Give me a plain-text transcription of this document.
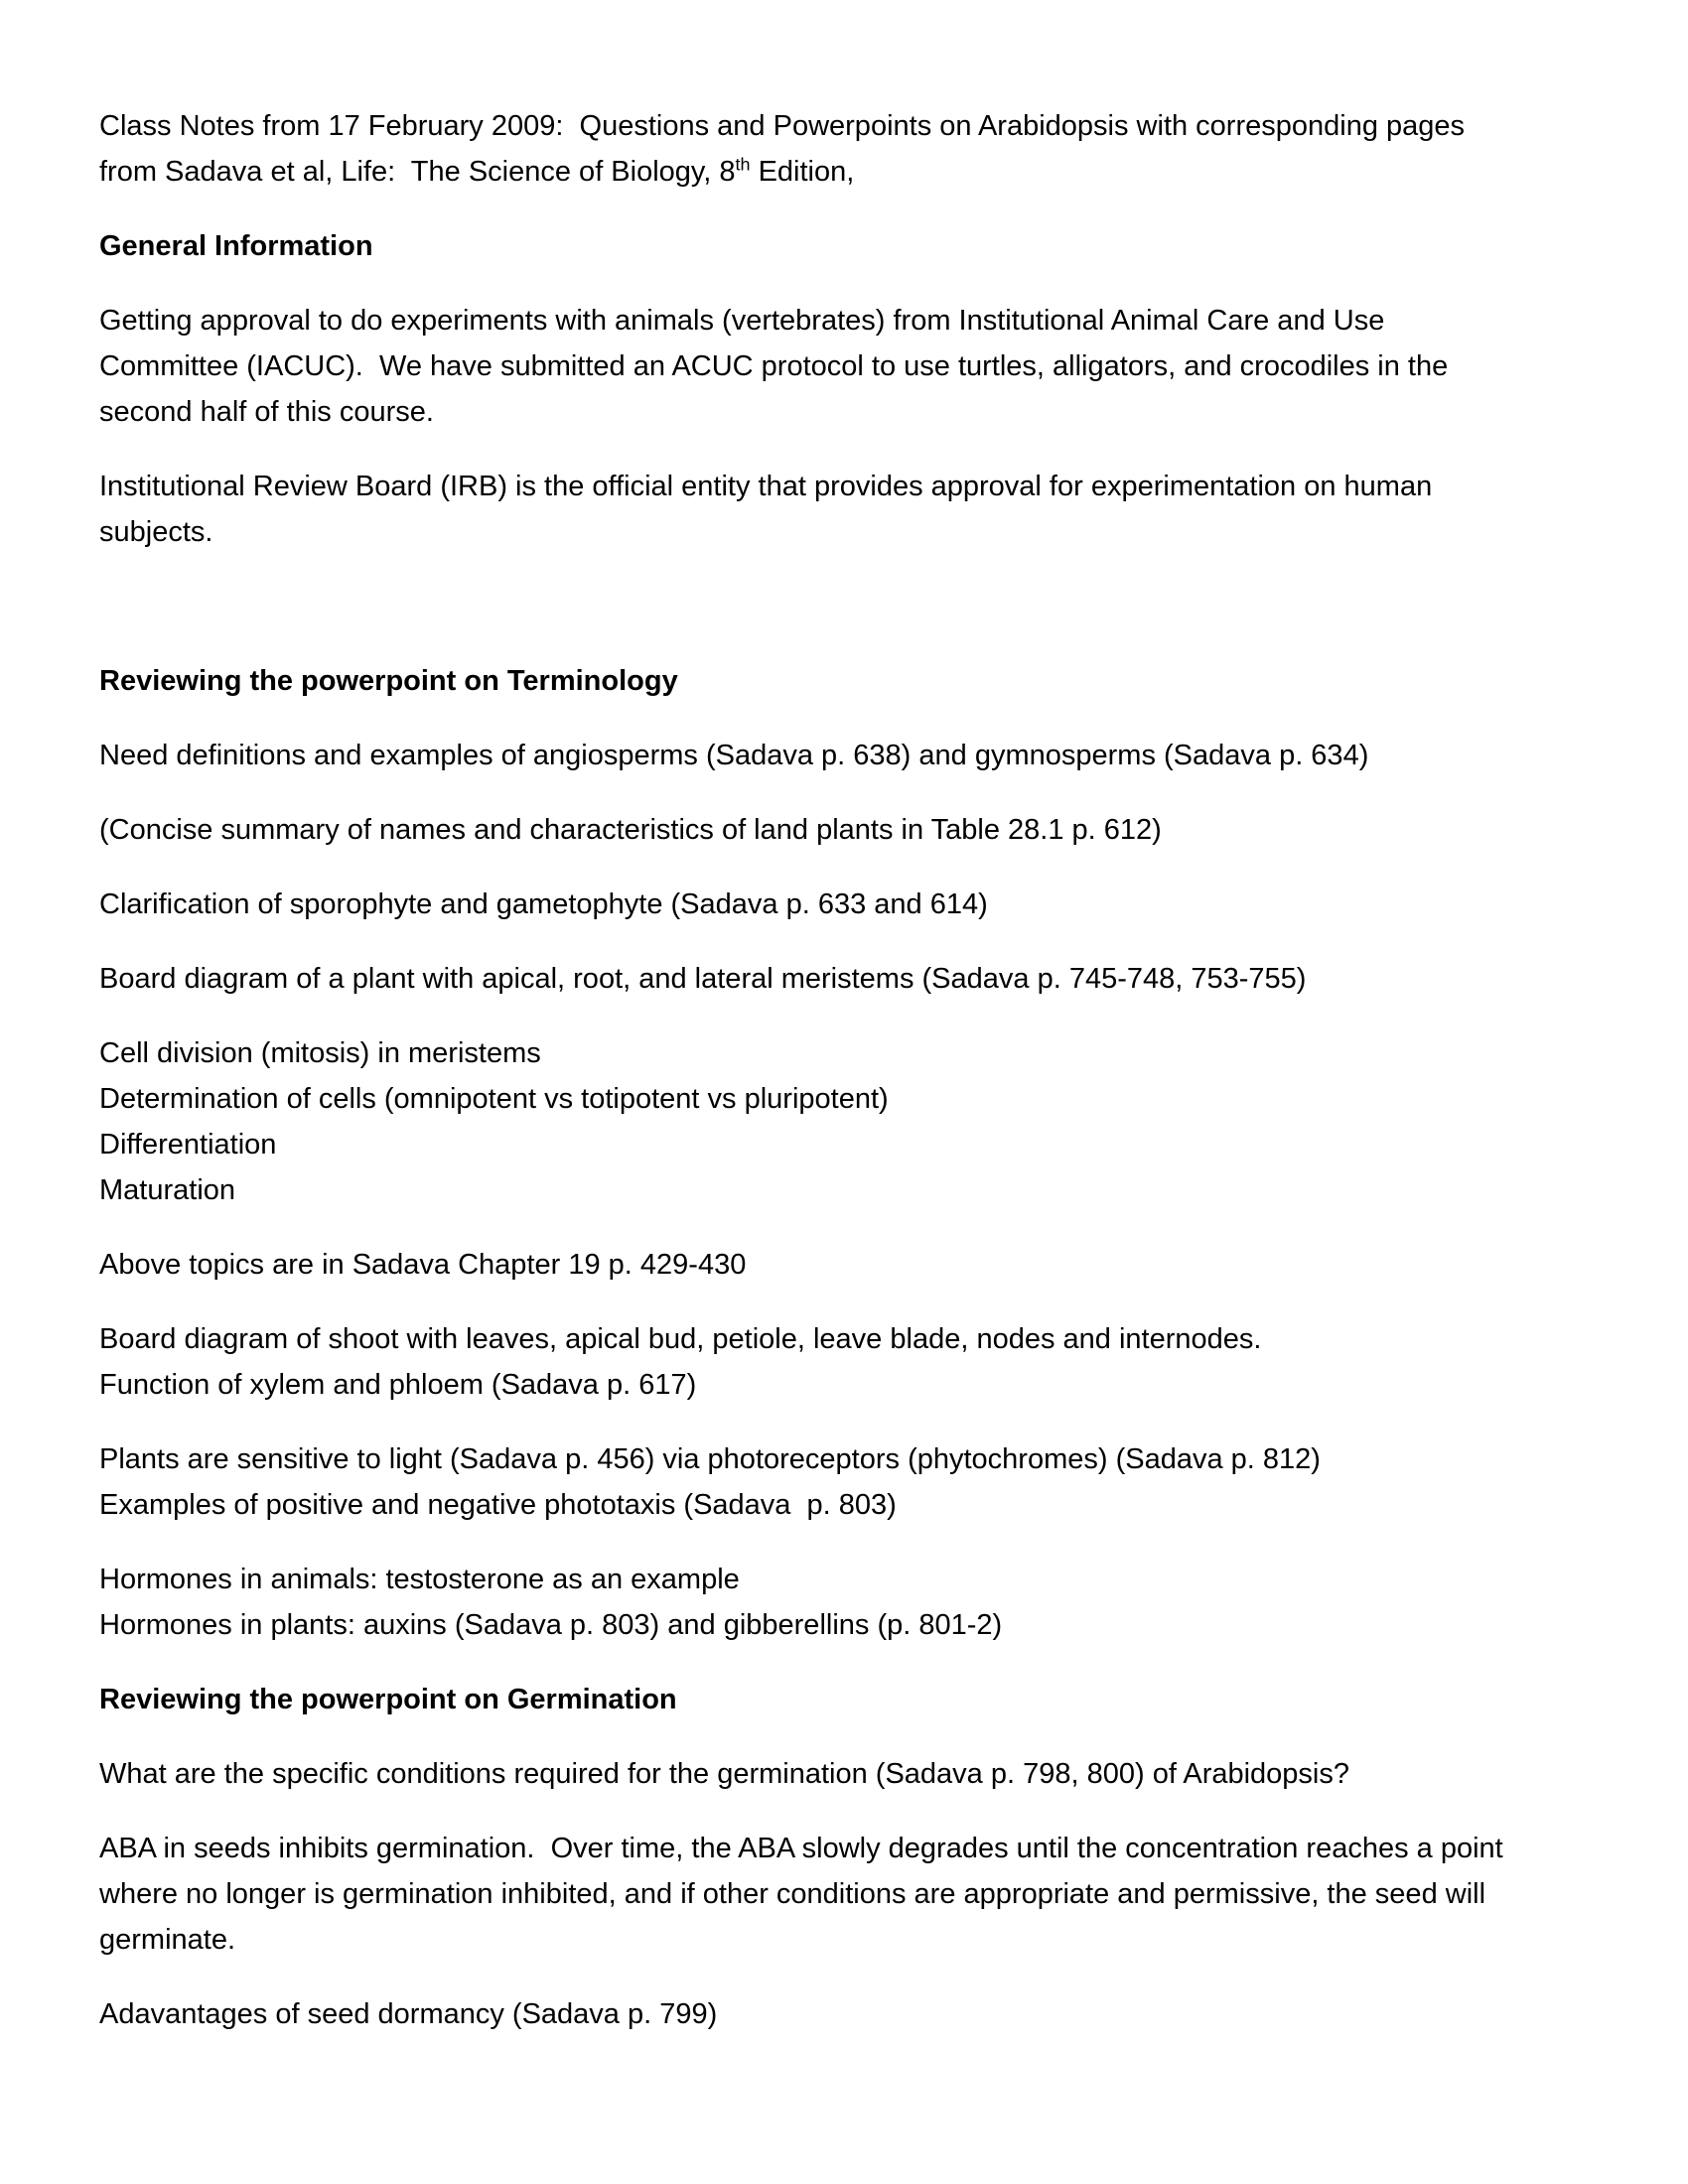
Class Notes from 17 February 2009:  Questions and Powerpoints on Arabidopsis with corresponding pages
from Sadava et al, Life:  The Science of Biology, 8th Edition,
General Information
Getting approval to do experiments with animals (vertebrates) from Institutional Animal Care and Use
Committee (IACUC).  We have submitted an ACUC protocol to use turtles, alligators, and crocodiles in the
second half of this course.
Institutional Review Board (IRB) is the official entity that provides approval for experimentation on human
subjects.
Reviewing the powerpoint on Terminology
Need definitions and examples of angiosperms (Sadava p. 638) and gymnosperms (Sadava p. 634)
(Concise summary of names and characteristics of land plants in Table 28.1 p. 612)
Clarification of sporophyte and gametophyte (Sadava p. 633 and 614)
Board diagram of a plant with apical, root, and lateral meristems (Sadava p. 745-748, 753-755)
Cell division (mitosis) in meristems
Determination of cells (omnipotent vs totipotent vs pluripotent)
Differentiation
Maturation
Above topics are in Sadava Chapter 19 p. 429-430
Board diagram of shoot with leaves, apical bud, petiole, leave blade, nodes and internodes.
Function of xylem and phloem (Sadava p. 617)
Plants are sensitive to light (Sadava p. 456) via photoreceptors (phytochromes) (Sadava p. 812)
Examples of positive and negative phototaxis (Sadava  p. 803)
Hormones in animals: testosterone as an example
Hormones in plants: auxins (Sadava p. 803) and gibberellins (p. 801-2)
Reviewing the powerpoint on Germination
What are the specific conditions required for the germination (Sadava p. 798, 800) of Arabidopsis?
ABA in seeds inhibits germination.  Over time, the ABA slowly degrades until the concentration reaches a point
where no longer is germination inhibited, and if other conditions are appropriate and permissive, the seed will
germinate.
Adavantages of seed dormancy (Sadava p. 799)
